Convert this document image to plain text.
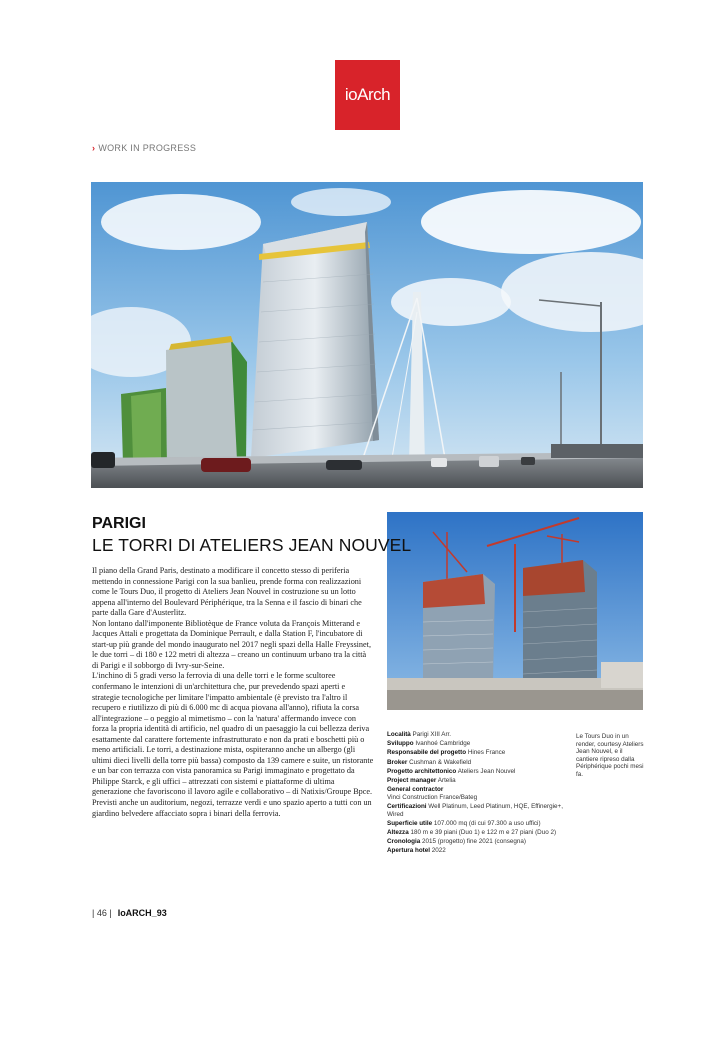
ioArch
› WORK IN PROGRESS
PARIGI
LE TORRI DI ATELIERS JEAN NOUVEL

Il piano della Grand Paris, destinato a modificare il concetto stesso di periferia mettendo in connessione Parigi con la sua banlieu, prende forma con realizzazioni come le Tours Duo, il progetto di Ateliers Jean Nouvel in costruzione su un lotto appena all'interno del Boulevard Périphérique, tra la Senna e il fascio di binari che parte dalla Gare d'Austerlitz.

Non lontano dall'imponente Bibliotèque de France voluta da François Mitterand e Jacques Attali e progettata da Dominique Perrault, e dalla Station F, l'incubatore di start-up più grande del mondo inaugurato nel 2017 negli spazi della Halle Freyssinet, le due torri – di 180 e 122 metri di altezza – creano un continuum urbano tra la città di Parigi e il sobborgo di Ivry-sur-Seine.

L'inchino di 5 gradi verso la ferrovia di una delle torri e le forme scultoree confermano le intenzioni di un'architettura che, pur prevedendo spazi aperti e strategie tecnologiche per limitare l'impatto ambientale (è previsto tra l'altro il recupero e riutilizzo di più di 6.000 mc di acqua piovana all'anno), rifiuta la corsa all'integrazione – o peggio al mimetismo – con la 'natura' affermando invece con forza la propria identità di artificio, nel quadro di un paesaggio la cui bellezza deriva esattamente dal carattere fortemente infrastrutturato e non da prati e boschetti più o meno artificiali. Le torri, a destinazione mista, ospiteranno anche un albergo (gli ultimi dieci livelli della torre più bassa) composto da 139 camere e suite, un ristorante e un bar con terrazza con vista panoramica su Parigi immaginato e progettato da Philippe Starck, e gli uffici – attrezzati con sistemi e piattaforme di ultima generazione che favoriscono il lavoro agile e collaborativo – di Natixis/Groupe Bpce. Previsti anche un auditorium, negozi, terrazze verdi e uno spazio aperto a tutti con un giardino belvedere affacciato sopra i binari della ferrovia.

Località Parigi XIII Arr.
Sviluppo Ivanhoé Cambridge
Responsabile del progetto Hines France
Broker Cushman & Wakefield
Progetto architettonico Ateliers Jean Nouvel
Project manager Artelia
General contractor
Vinci Construction France/Bateg
Certificazioni Well Platinum, Leed Platinum, HQE, Effinergie+, Wired
Superficie utile 107.000 mq (di cui 97.300 a uso uffici)
Altezza 180 m e 39 piani (Duo 1) e 122 m e 27 piani (Duo 2)
Cronologia 2015 (progetto) fine 2021 (consegna)
Apertura hotel 2022
Le Tours Duo in un render, courtesy Ateliers Jean Nouvel, e il cantiere ripreso dalla Périphérique pochi mesi fa.
| 46 | IoARCH_93
